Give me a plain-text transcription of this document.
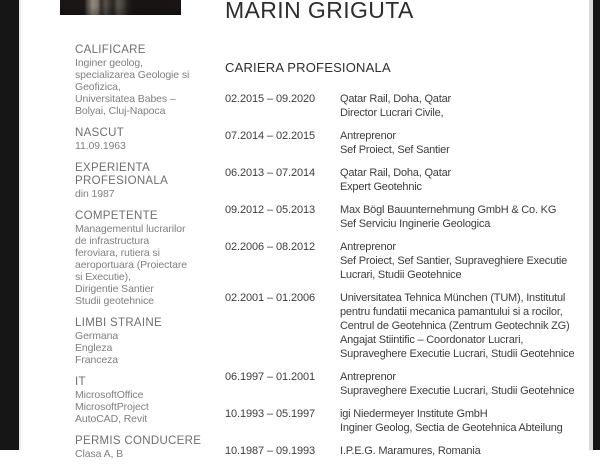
MARIN GRIGUTA
CALIFICARE
Inginer geolog,
specializarea Geologie si
Geofizica,
Universitatea Babes –
Bolyai, Cluj-Napoca
NASCUT
11.09.1963
EXPERIENTA PROFESIONALA
din 1987
COMPETENTE
Managementul lucrarilor
de infrastructura
feroviara, rutiera si
aeroportuara (Proiectare
si Executie),
Dirigentie Santier
Studii geotehnice
LIMBI STRAINE
Germana
Engleza
Franceza
IT
MicrosoftOffice
MicrosoftProject
AutoCAD, Revit
PERMIS CONDUCERE
Clasa A, B
CARIERA PROFESIONALA
02.2015 – 09.2020	Qatar Rail, Doha, Qatar
Director Lucrari Civile,
07.2014 – 02.2015	Antreprenor
Sef Proiect, Sef Santier
06.2013 – 07.2014	Qatar Rail, Doha, Qatar
Expert Geotehnic
09.2012 – 05.2013	Max Bögl Bauunternehmung GmbH & Co. KG
Sef Serviciu Inginerie Geologica
02.2006 – 08.2012	Antreprenor
Sef Proiect, Sef Santier, Supraveghiere Executie
Lucrari, Studii Geotehnice
02.2001 – 01.2006	Universitatea Tehnica München (TUM), Institutul
pentru fundatii mecanica pamantului si a rocilor,
Centrul de Geotehnica (Zentrum Geotechnik ZG)
Angajat Stiintific – Coordonator Lucrari,
Supraveghere Executie Lucrari, Studii Geotehnice
06.1997 – 01.2001	Antreprenor
Supraveghere Executie Lucrari, Studii Geotehnice
10.1993 – 05.1997	igi Niedermeyer Institute GmbH
Inginer Geolog, Sectia de Geotehnica Abteilung
10.1987 – 09.1993	I.P.E.G. Maramures, Romania
